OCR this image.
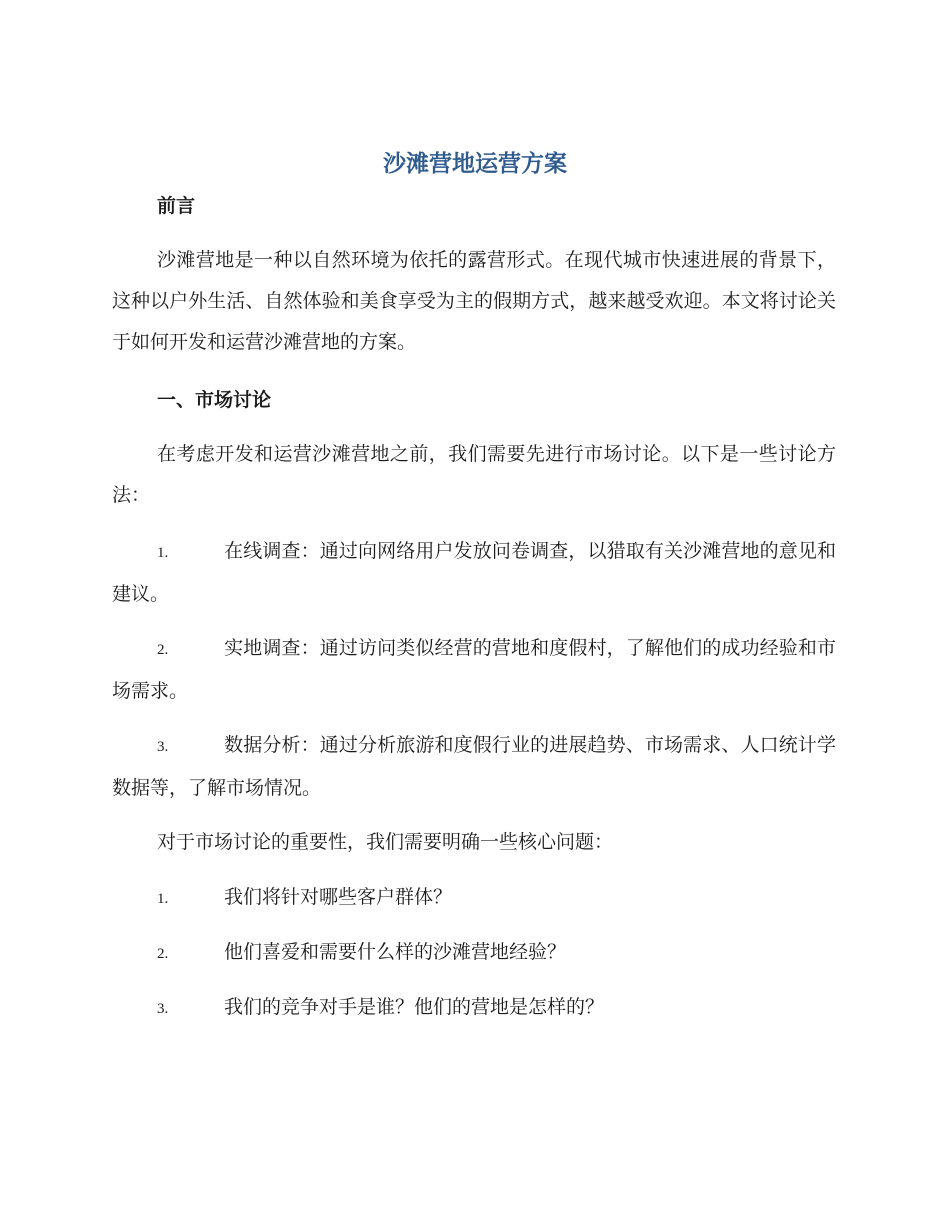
沙滩营地运营方案
前言

沙滩营地是一种以自然环境为依托的露营形式。在现代城市快速进展的背景下，这种以户外生活、自然体验和美食享受为主的假期方式，越来越受欢迎。本文将讨论关于如何开发和运营沙滩营地的方案。

一、市场讨论

在考虑开发和运营沙滩营地之前，我们需要先进行市场讨论。以下是一些讨论方法：

1.	在线调查：通过向网络用户发放问卷调查，以猎取有关沙滩营地的意见和建议。

2.	实地调查：通过访问类似经营的营地和度假村，了解他们的成功经验和市场需求。

3.	数据分析：通过分析旅游和度假行业的进展趋势、市场需求、人口统计学数据等，了解市场情况。

对于市场讨论的重要性，我们需要明确一些核心问题：

1.	我们将针对哪些客户群体？

2.	他们喜爱和需要什么样的沙滩营地经验？

3.	我们的竞争对手是谁？他们的营地是怎样的？
